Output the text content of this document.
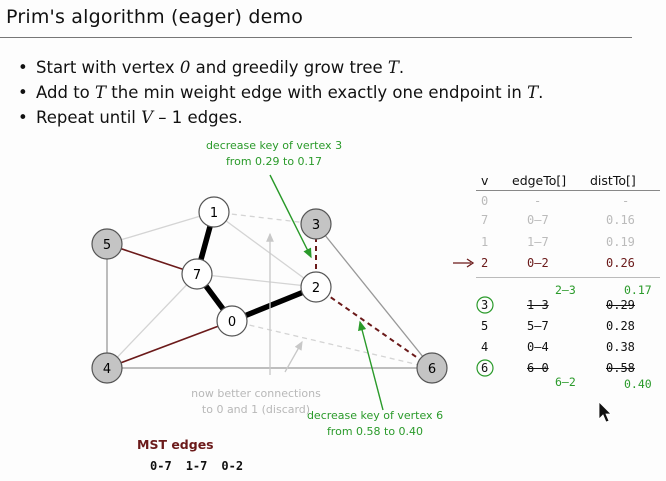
Prim's algorithm (eager) demo
• Start with vertex 0 and greedily grow tree T.
• Add to T the min weight edge with exactly one endpoint in T.
• Repeat until V – 1 edges.
1
7
0
2
5
3
4	6
decrease key of vertex 3
from 0.29 to 0.17
now better connections
to 0 and 1 (discard)
decrease key of vertex 6
from 0.58 to 0.40
MST edges
0-7 1-7 0-2
v edgeTo[] distTo[]
0	-	-
7	0–7	0.16
1	1–7	0.19
2	0–2	0.26
2–3	0.17
3	1–3	0.29
5	5–7	0.28
4	0–4	0.38
6	6–0	0.58
6–2	0.40
